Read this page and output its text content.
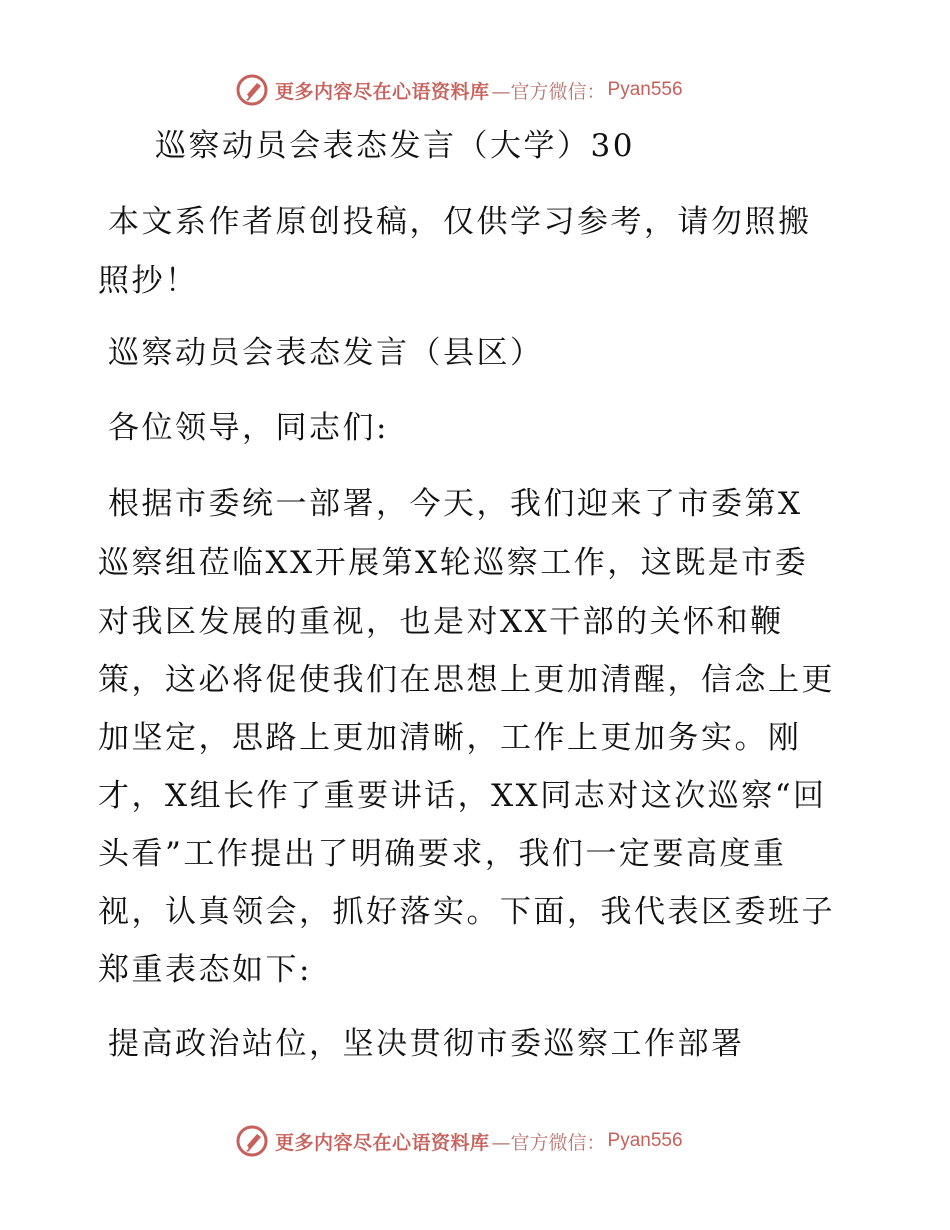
更多内容尽在心语资料库 —官方微信： Pyan556
巡察动员会表态发言（大学）30
本文系作者原创投稿，仅供学习参考，请勿照搬
照抄！
巡察动员会表态发言（县区）
各位领导，同志们:
根据市委统一部署，今天，我们迎来了市委第X
巡察组莅临XX开展第X轮巡察工作，这既是市委
对我区发展的重视，也是对XX干部的关怀和鞭
策，这必将促使我们在思想上更加清醒，信念上更
加坚定，思路上更加清晰，工作上更加务实。刚
才，X组长作了重要讲话，XX同志对这次巡察“回
头看”工作提出了明确要求，我们一定要高度重
视，认真领会，抓好落实。下面，我代表区委班子
郑重表态如下:
提高政治站位，坚决贯彻市委巡察工作部署
更多内容尽在心语资料库 —官方微信： Pyan556
